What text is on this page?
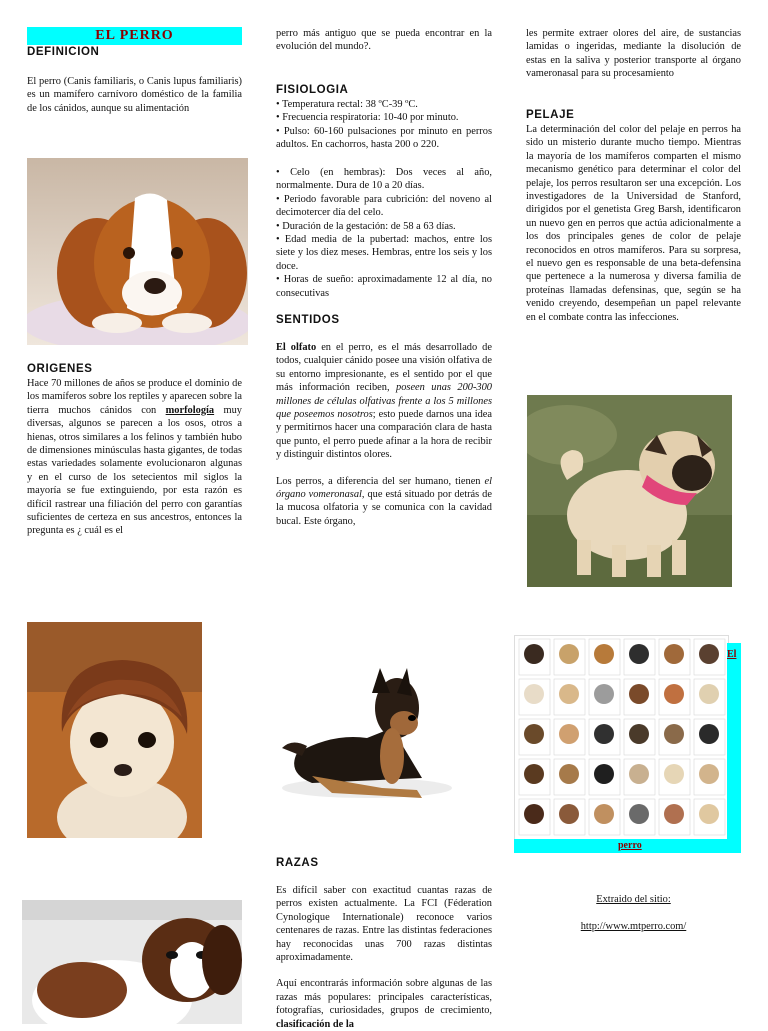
EL PERRO
DEFINICION

El perro (Canis familiaris, o Canis lupus familiaris) es un mamífero carnívoro doméstico de la familia de los cánidos, aunque su alimentación

ORIGENES

Hace 70 millones de años se produce el dominio de los mamíferos sobre los reptiles y aparecen sobre la tierra muchos cánidos con morfología muy diversas, algunos se parecen a los osos, otros a hienas, otros similares a los felinos y también hubo de dimensiones minúsculas hasta gigantes, de todas estas variedades solamente evolucionaron algunas y en el curso de los setecientos mil siglos la mayoría se fue extinguiendo, por esta razón es difícil rastrear una filiación del perro con garantías suficientes de certeza en sus ancestros, entonces la pregunta es ¿ cuál es el

perro más antiguo que se pueda encontrar en la evolución del mundo?.

FISIOLOGIA

• Temperatura rectal: 38 ºC-39 ºC.

• Frecuencia respiratoria: 10-40 por minuto.

• Pulso: 60-160 pulsaciones por minuto en perros adultos. En cachorros, hasta 200 o 220.

• Celo (en hembras): Dos veces al año, normalmente. Dura de 10 a 20 días.

• Periodo favorable para cubrición: del noveno al decimotercer día del celo.

• Duración de la gestación: de 58 a 63 días.

• Edad media de la pubertad: machos, entre los siete y los diez meses. Hembras, entre los seis y los doce.

• Horas de sueño: aproximadamente 12 al día, no consecutivas

SENTIDOS

El olfato en el perro, es el más desarrollado de todos, cualquier cánido posee una visión olfativa de su entorno impresionante, es el sentido por el que más información reciben, poseen unas 200-300 millones de células olfativas frente a los 5 millones que poseemos nosotros; esto puede darnos una idea y permitirnos hacer una comparación clara de hasta que punto, el perro puede afinar a la hora de recibir y distinguir distintos olores.

Los perros, a diferencia del ser humano, tienen el órgano vomeronasal, que está situado por detrás de la mucosa olfatoria y se comunica con la cavidad bucal. Este órgano,

RAZAS

Es difícil saber con exactitud cuantas razas de perros existen actualmente. La FCI (Féderation Cynologique Internationale) reconoce varios centenares de razas. Entre las distintas federaciones hay reconocidas unas 700 razas distintas aproximadamente.

Aquí encontrarás información sobre algunas de las razas más populares: principales características, fotografías, curiosidades, grupos de crecimiento, clasificación de la

les permite extraer olores del aire, de sustancias lamidas o ingeridas, mediante la disolución de estas en la saliva y posterior transporte al órgano vameronasal para su procesamiento

PELAJE

La determinación del color del pelaje en perros ha sido un misterio durante mucho tiempo. Mientras la mayoría de los mamíferos comparten el mismo mecanismo genético para determinar el color del pelaje, los perros resultaron ser una excepción. Los investigadores de la Universidad de Stanford, dirigidos por el genetista Greg Barsh, identificaron un nuevo gen en perros que actúa adicionalmente a los dos principales genes de color de pelaje reconocidos en otros mamíferos. Para su sorpresa, el nuevo gen es responsable de una beta-defensina que pertenece a la numerosa y diversa familia de proteínas llamadas defensinas, que, según se ha venido creyendo, desempeñan un papel relevante en el combate contra las infecciones.

El
perro

Extraido del sitio:

http://www.mtperro.com/
